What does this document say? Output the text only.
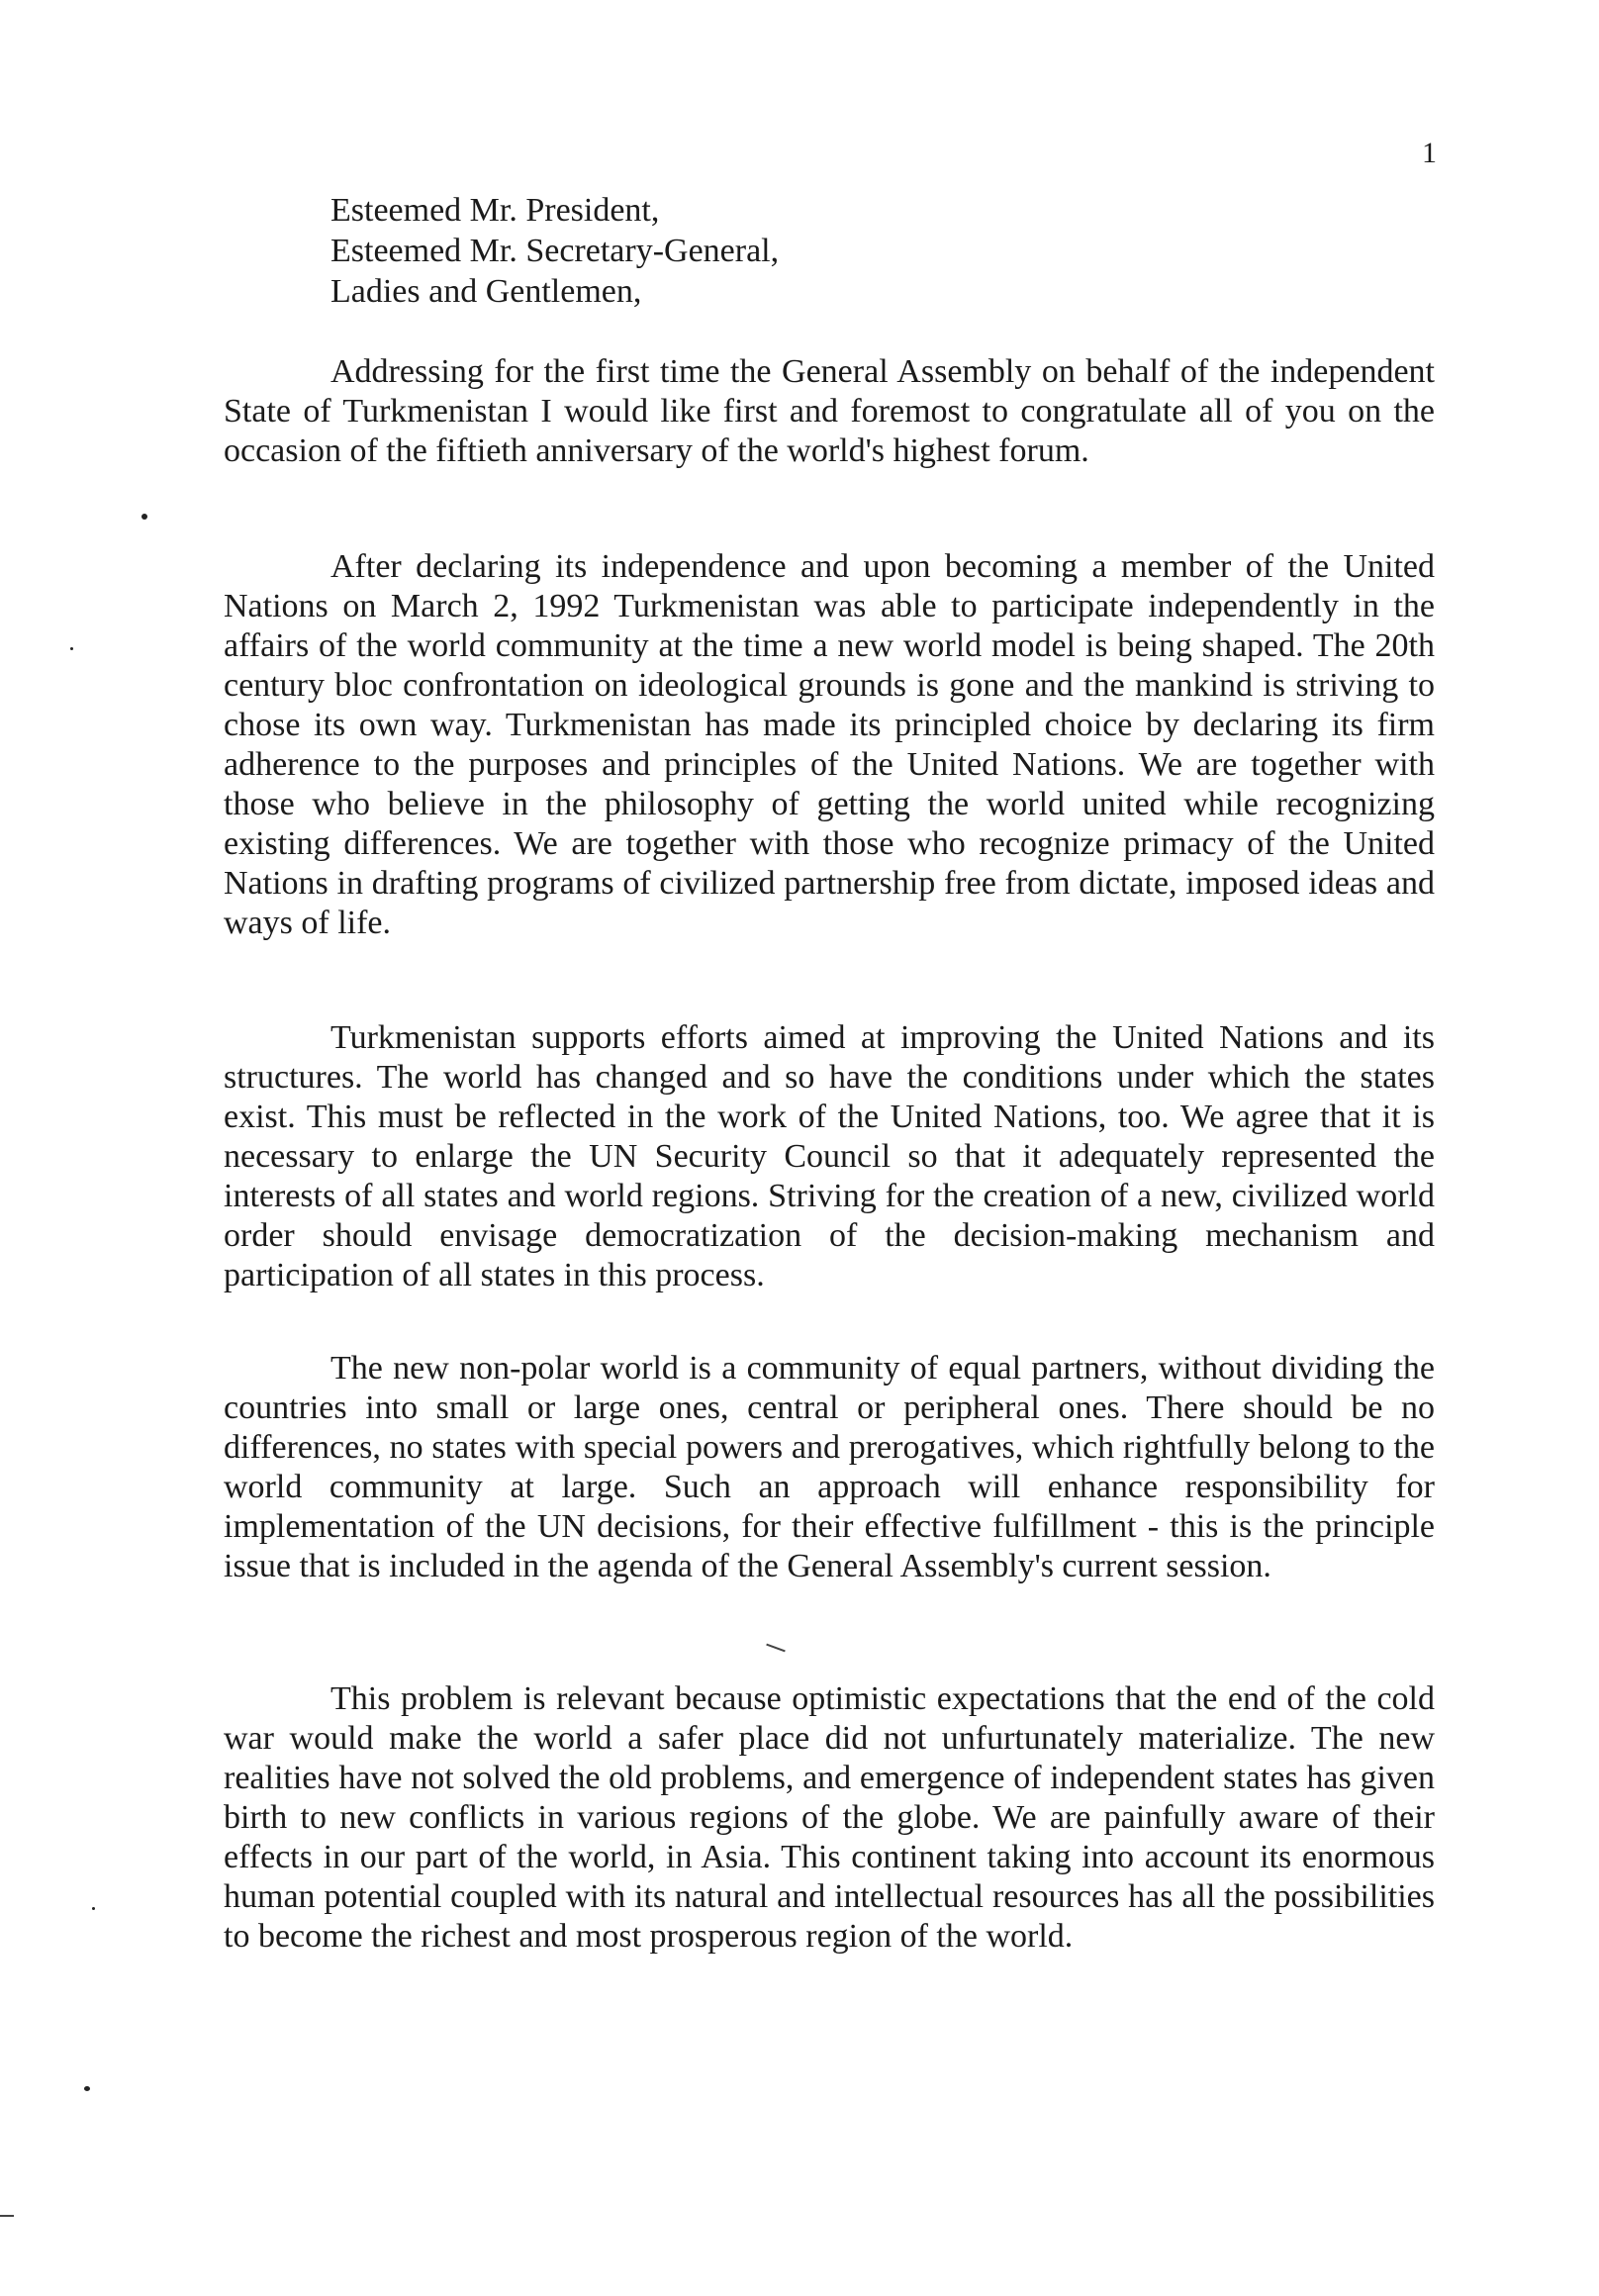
1
Esteemed Mr. President,
Esteemed Mr. Secretary-General,
Ladies and Gentlemen,

Addressing for the first time the General Assembly on behalf of the independent State of Turkmenistan I would like first and foremost to congratulate all of you on the occasion of the fiftieth anniversary of the world's highest forum.

After declaring its independence and upon becoming a member of the United Nations on March 2, 1992 Turkmenistan was able to participate independently in the affairs of the world community at the time a new world model is being shaped. The 20th century bloc confrontation on ideological grounds is gone and the mankind is striving to chose its own way. Turkmenistan has made its principled choice by declaring its firm adherence to the purposes and principles of the United Nations. We are together with those who believe in the philosophy of getting the world united while recognizing existing differences. We are together with those who recognize primacy of the United Nations in drafting programs of civilized partnership free from dictate, imposed ideas and ways of life.

Turkmenistan supports efforts aimed at improving the United Nations and its structures. The world has changed and so have the conditions under which the states exist. This must be reflected in the work of the United Nations, too. We agree that it is necessary to enlarge the UN Security Council so that it adequately represented the interests of all states and world regions. Striving for the creation of a new, civilized world order should envisage democratization of the decision-making mechanism and participation of all states in this process.

The new non-polar world is a community of equal partners, without dividing the countries into small or large ones, central or peripheral ones. There should be no differences, no states with special powers and prerogatives, which rightfully belong to the world community at large. Such an approach will enhance responsibility for implementation of the UN decisions, for their effective fulfillment - this is the principle issue that is included in the agenda of the General Assembly's current session.

This problem is relevant because optimistic expectations that the end of the cold war would make the world a safer place did not unfurtunately materialize. The new realities have not solved the old problems, and emergence of independent states has given birth to new conflicts in various regions of the globe. We are painfully aware of their effects in our part of the world, in Asia. This continent taking into account its enormous human potential coupled with its natural and intellectual resources has all the possibilities to become the richest and most prosperous region of the world.
